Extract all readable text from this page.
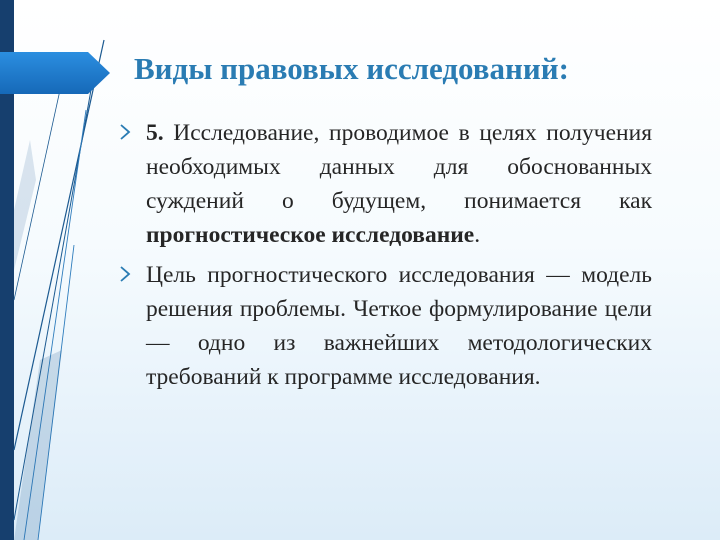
Виды правовых исследований:
5. Исследование, проводимое в целях получения необходимых данных для обоснованных суждений о будущем, понимается как прогностическое исследование.
Цель прогностического исследования — модель решения проблемы. Четкое формулирование цели — одно из важнейших методологических требований к программе исследования.
